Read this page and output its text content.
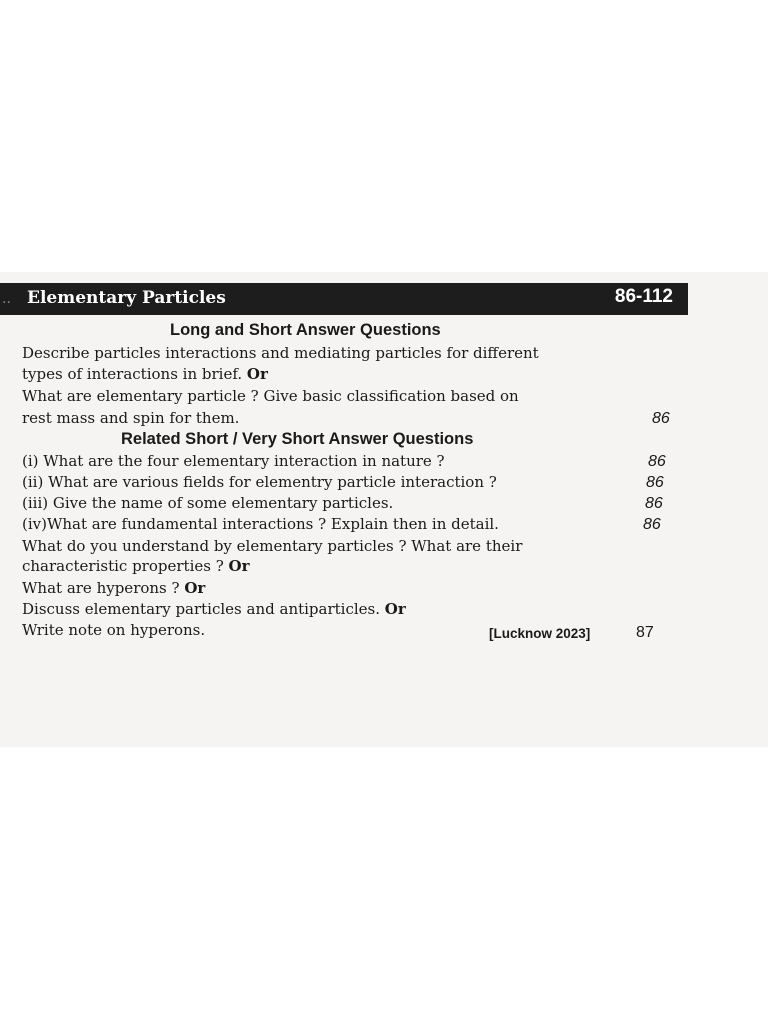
.. Elementary Particles	86-112
Long and Short Answer Questions
Describe particles interactions and mediating particles for different
types of interactions in brief. Or
What are elementary particle ? Give basic classification based on
rest mass and spin for them.	86
Related Short / Very Short Answer Questions
(i) What are the four elementary interaction in nature ?	86
(ii) What are various fields for elementry particle interaction ?	86
(iii) Give the name of some elementary particles.	86
(iv)What are fundamental interactions ? Explain then in detail.	86
What do you understand by elementary particles ? What are their
characteristic properties ? Or
What are hyperons ? Or
Discuss elementary particles and antiparticles. Or
Write note on hyperons.	[Lucknow 2023]	87
